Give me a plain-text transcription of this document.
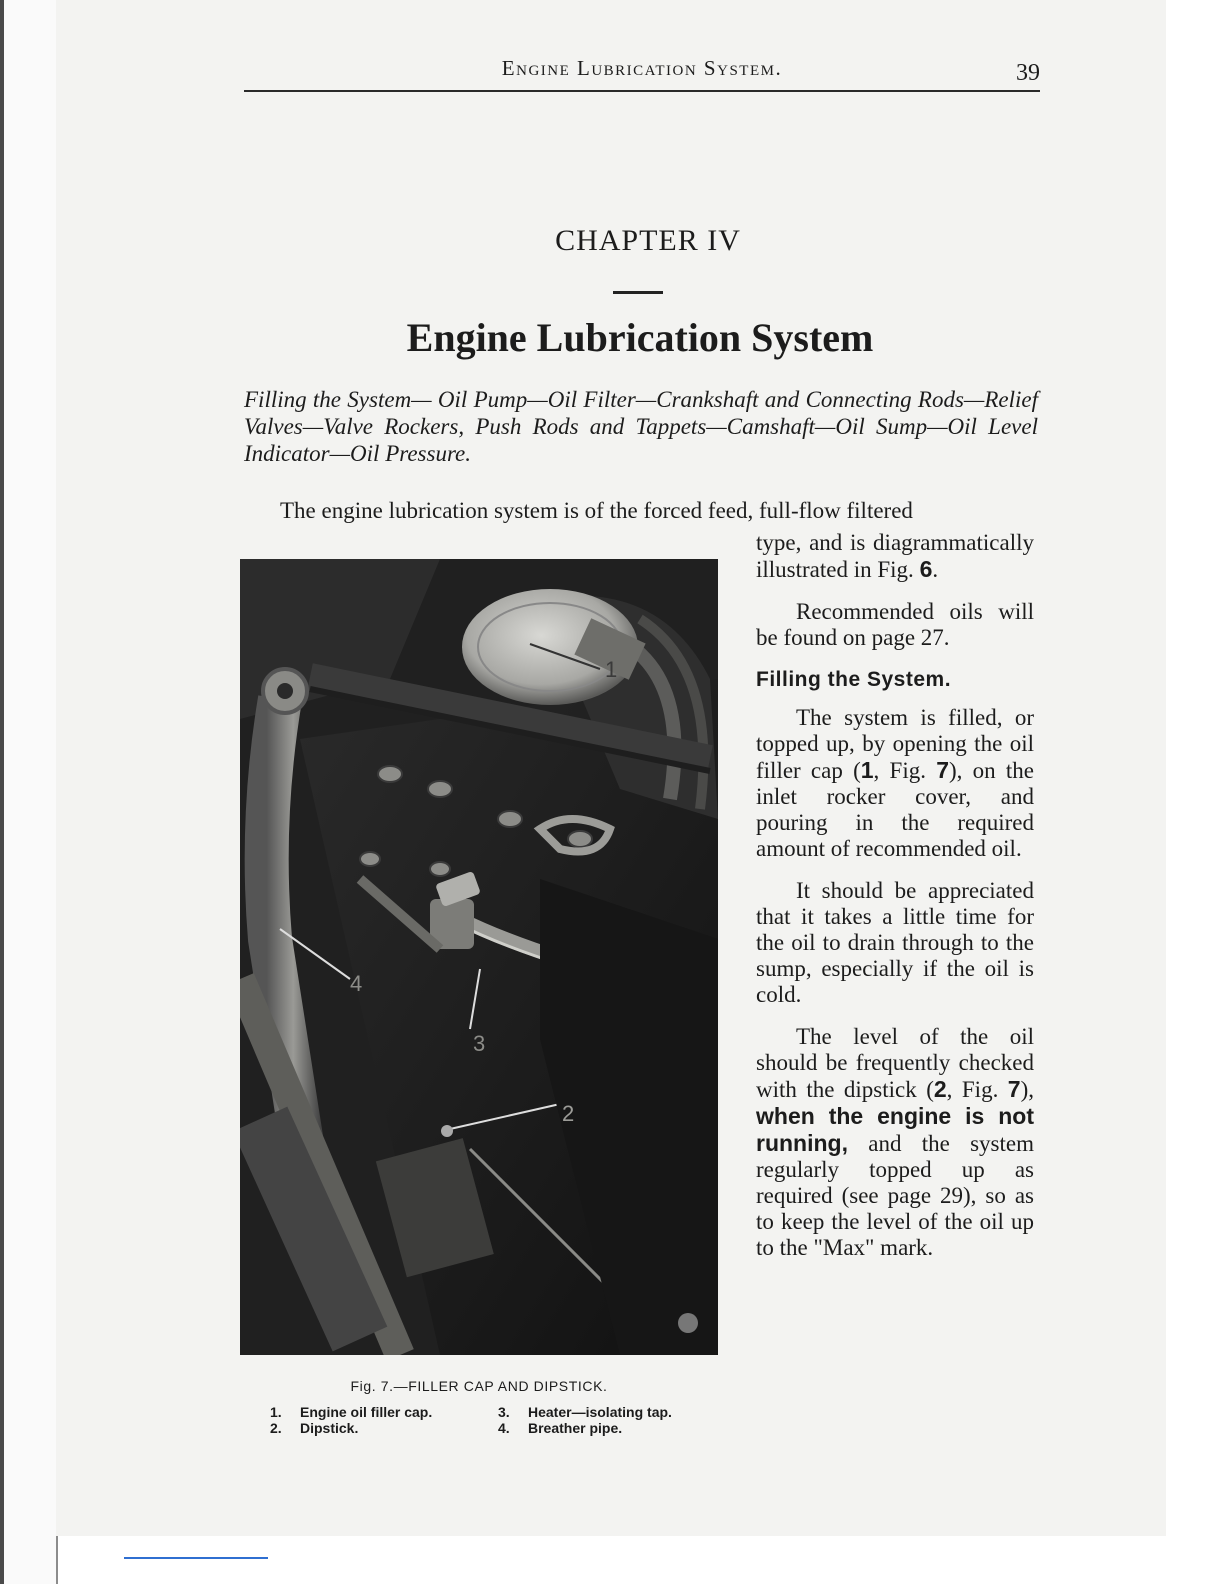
Engine Lubrication System.	39
CHAPTER IV
Engine Lubrication System
Filling the System— Oil Pump—Oil Filter—Crankshaft and Connecting Rods—Relief Valves—Valve Rockers, Push Rods and Tappets—Camshaft—Oil Sump—Oil Level Indicator—Oil Pressure.
The engine lubrication system is of the forced feed, full-flow filtered

type, and is diagrammatically illustrated in Fig. 6.

Recommended oils will be found on page 27.

Filling the System.

The system is filled, or topped up, by opening the oil filler cap (1, Fig. 7), on the inlet rocker cover, and pouring in the required amount of recommended oil.

It should be appreciated that it takes a little time for the oil to drain through to the sump, especially if the oil is cold.

The level of the oil should be frequently checked with the dipstick (2, Fig. 7), when the engine is not running, and the system regularly topped up as required (see page 29), so as to keep the level of the oil up to the "Max" mark.

4
3
2
1
Fig. 7.—FILLER CAP AND DIPSTICK.
1. Engine oil filler cap.
2. Dipstick.
3. Heater—isolating tap.
4. Breather pipe.
